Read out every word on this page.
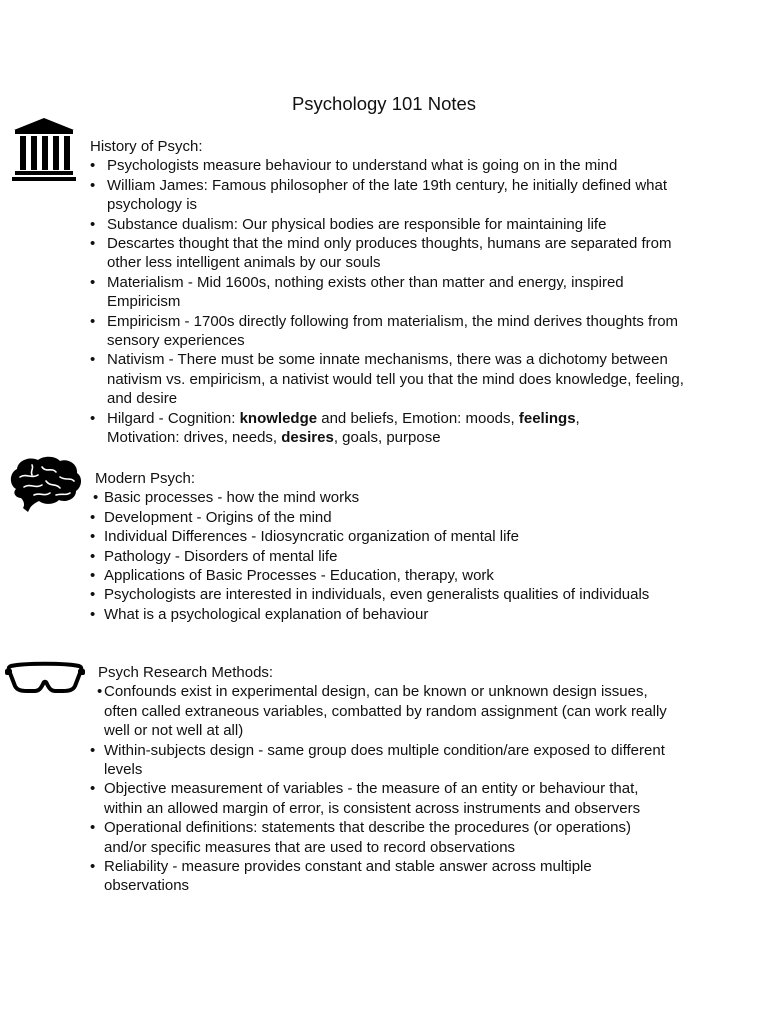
Psychology 101 Notes
History of Psych:
• Psychologists measure behaviour to understand what is going on in the mind
• William James: Famous philosopher of the late 19th century, he initially defined what psychology is
• Substance dualism: Our physical bodies are responsible for maintaining life
• Descartes thought that the mind only produces thoughts, humans are separated from other less intelligent animals by our souls
• Materialism - Mid 1600s, nothing exists other than matter and energy, inspired Empiricism
• Empiricism - 1700s directly following from materialism, the mind derives thoughts from sensory experiences
• Nativism - There must be some innate mechanisms, there was a dichotomy between nativism vs. empiricism, a nativist would tell you that the mind does knowledge, feeling, and desire
• Hilgard - Cognition: knowledge and beliefs, Emotion: moods, feelings,
Motivation: drives, needs, desires, goals, purpose
Modern Psych:
• Basic processes - how the mind works
• Development - Origins of the mind
• Individual Differences - Idiosyncratic organization of mental life
• Pathology - Disorders of mental life
• Applications of Basic Processes - Education, therapy, work
• Psychologists are interested in individuals, even generalists qualities of individuals
• What is a psychological explanation of behaviour
Psych Research Methods:
• Confounds exist in experimental design, can be known or unknown design issues, often called extraneous variables, combatted by random assignment (can work really well or not well at all)
• Within-subjects design - same group does multiple condition/are exposed to different levels
• Objective measurement of variables - the measure of an entity or behaviour that, within an allowed margin of error, is consistent across instruments and observers
• Operational definitions: statements that describe the procedures (or operations) and/or specific measures that are used to record observations
• Reliability - measure provides constant and stable answer across multiple observations
